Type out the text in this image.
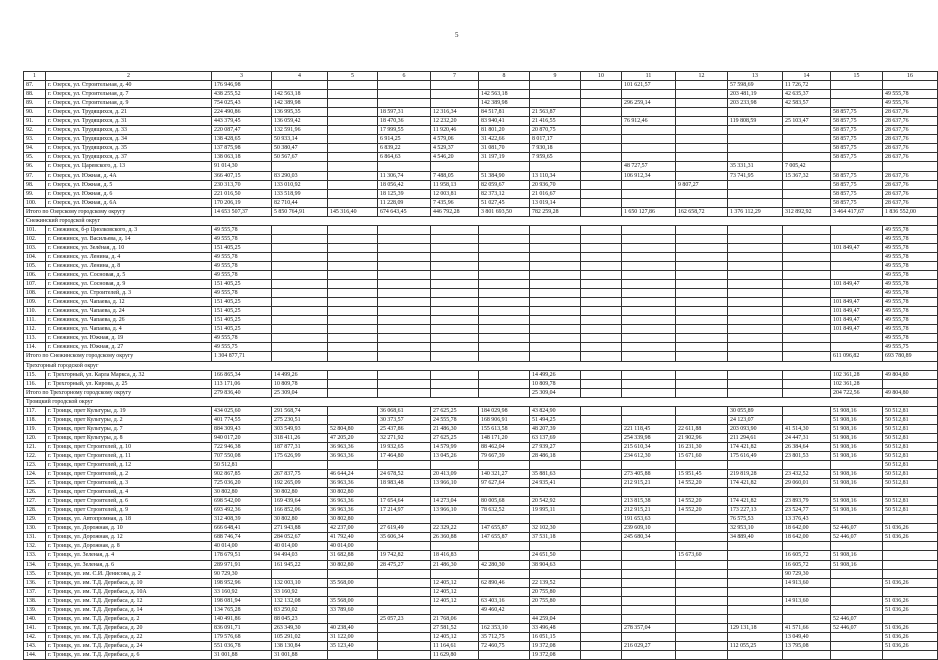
5
1	2	3	4	5	6	7	8	9	10	11	12	13	14	15	16
87.	г. Озерск, ул. Строительная, д. 40	176 946,98								101 621,57		57 598,69	11 726,72		
88.	г. Озерск, ул. Строительная, д. 7	438 255,52	142 563,18				142 563,18					203 481,19	42 635,37		49 555,78
89.	г. Озерск, ул. Строительная, д. 9	754 025,43	142 389,98				142 389,98			296 259,14		203 233,98	42 583,57		49 555,76
90.	г. Озерск, ул. Трудящихся, д. 21	224 490,86	136 995,35		18 597,31	12 316,34	84 517,81	21 563,87						58 857,75	28 637,76
91.	г. Озерск, ул. Трудящихся, д. 31	443 379,45	136 059,42		18 470,36	12 232,20	83 940,41	21 416,55		76 912,46		119 808,59	25 103,47	58 857,75	28 637,76
92.	г. Озерск, ул. Трудящихся, д. 33	220 087,47	132 591,96		17 999,55	11 920,46	81 801,20	20 870,75						58 857,75	28 637,76
93.	г. Озерск, ул. Трудящихся, д. 34	138 428,65	50 933,14		6 914,25	4 579,06	31 422,66	8 017,17						58 857,75	28 637,76
94.	г. Озерск, ул. Трудящихся, д. 35	137 875,98	50 380,47		6 839,22	4 529,37	31 081,70	7 930,18						58 857,75	28 637,76
95.	г. Озерск, ул. Трудящихся, д. 37	138 063,18	50 567,67		6 864,63	4 546,20	31 197,19	7 959,65						58 857,75	28 637,76
96.	г. Озерск, ул. Царевского, д. 13	91 014,30								48 727,57		35 331,31	7 005,42		
97.	г. Озерск, ул. Южная, д. 4А	366 407,15	83 290,03		11 306,74	7 488,05	51 384,90	13 110,34		106 912,34		73 741,95	15 367,32	58 857,75	28 637,76
98.	г. Озерск, ул. Южная, д. 5	230 313,70	133 010,92		18 056,42	11 958,13	82 059,67	20 936,70			9 807,27			58 857,75	28 637,76
99.	г. Озерск, ул. Южная, д. 6	221 016,50	133 518,99		18 125,39	12 003,81	82 373,12	21 016,67						58 857,75	28 637,76
100.	г. Озерск, ул. Южная, д. 6А	170 206,19	82 710,44		11 228,09	7 435,96	51 027,45	13 019,14						58 857,75	28 637,76
Итого по Озерскому городскому округу		14 653 507,37	5 850 764,91	145 316,40	674 643,45	446 792,28	3 801 693,50	782 259,28		1 650 127,86	162 658,72	1 376 112,29	312 892,92	3 464 417,67	1 836 552,00
Снежинский городской округ															
101.	г. Снежинск, б-р Циолковского, д. 3	49 555,78													49 555,78
102.	г. Снежинск, ул. Васильева, д. 14	49 555,78													49 555,78
103.	г. Снежинск, ул. Зелёная, д. 10	151 405,25												101 849,47	49 555,78
104.	г. Снежинск, ул. Ленина, д. 4	49 555,78													49 555,78
105.	г. Снежинск, ул. Ленина, д. 8	49 555,78													49 555,78
106.	г. Снежинск, ул. Сосновая, д. 5	49 555,78													49 555,78
107.	г. Снежинск, ул. Сосновая, д. 9	151 405,25												101 849,47	49 555,78
108.	г. Снежинск, ул. Строителей, д. 3	49 555,78													49 555,78
109.	г. Снежинск, ул. Чапаева, д. 12	151 405,25												101 849,47	49 555,78
110.	г. Снежинск, ул. Чапаева, д. 24	151 405,25												101 849,47	49 555,78
111.	г. Снежинск, ул. Чапаева, д. 26	151 405,25												101 849,47	49 555,78
112.	г. Снежинск, ул. Чапаева, д. 4	151 405,25												101 849,47	49 555,78
113.	г. Снежинск, ул. Южная, д. 19	49 555,78													49 555,78
114.	г. Снежинск, ул. Южная, д. 27	49 555,75													49 555,75
Итого по Снежинскому городскому округу		1 304 877,71												611 096,82	693 780,89
Трехгорный городской округ															
115.	г. Трехгорный, ул. Карла Маркса, д. 32	166 865,34	14 499,26					14 499,26						102 361,28	49 804,80
116.	г. Трехгорный, ул. Кирова, д. 25	113 171,06	10 809,78					10 809,78						102 361,28	
Итого по Трехгорному городскому округу		279 836,40	25 309,04					25 309,04						204 722,56	49 804,80
Троицкий городской округ															
117.	г. Троицк, прет Культуры, д. 19	434 025,60	291 568,74		36 068,61	27 625,25	184 029,98	43 824,90				30 055,89		51 908,16	50 512,81
118.	г. Троицк, прет Культуры, д. 2	401 774,55	275 230,51		30 373,57	24 555,78	168 906,91	51 494,25				24 123,07		51 908,16	50 512,81
119.	г. Троицк, прет Культуры, д. 7	884 309,43	303 549,93	52 804,80	25 437,86	21 486,30	155 613,58	48 207,39		221 118,45	22 611,88	203 093,90	41 514,30	51 908,16	50 512,81
120.	г. Троицк, прет Культуры, д. 8	940 017,20	318 411,26	47 205,20	32 271,92	27 625,25	148 171,20	63 137,69		254 339,98	21 902,96	211 294,61	24 447,31	51 908,16	50 512,81
121.	г. Троицк, прет Строителей, д. 10	722 946,38	187 877,31	36 963,36	19 932,65	14 579,99	88 462,04	27 939,27		215 610,34	16 231,30	174 421,82	26 384,64	51 908,16	50 512,81
122.	г. Троицк, прет Строителей, д. 11	707 550,08	175 626,99	36 963,36	17 464,80	13 045,26	79 667,39	28 486,18		234 612,30	15 671,60	175 616,49	23 801,53	51 908,16	50 512,81
123.	г. Троицк, прет Строителей, д. 12	50 512,81													50 512,81
124.	г. Троицк, прет Строителей, д. 2	902 867,85	267 837,75	46 644,24	24 678,52	20 413,09	140 321,27	35 881,63		273 405,88	15 951,45	219 819,28	23 432,52	51 908,16	50 512,81
125.	г. Троицк, прет Строителей, д. 3	725 036,20	192 265,09	36 963,36	18 983,48	13 966,10	97 627,64	24 935,41		212 915,21	14 552,20	174 421,82	29 060,01	51 908,16	50 512,81
126.	г. Троицк, прет Строителей, д. 4	30 802,80	30 802,80	30 802,80											
127.	г. Троицк, прет Строителей, д. 6	698 542,00	169 439,64	36 963,36	17 654,64	14 273,04	80 005,68	20 542,92		213 815,38	14 552,20	174 421,82	23 893,79	51 908,16	50 512,81
128.	г. Троицк, прет Строителей, д. 9	693 492,36	166 852,06	36 963,36	17 214,97	13 966,10	78 632,52	19 995,11		212 915,21	14 552,20	173 227,13	23 524,77	51 908,16	50 512,81
129.	г. Троицк, ул. Автопромная, д. 18	312 408,39	30 802,80	30 802,80						191 653,63		76 575,53	13 376,43		
130.	г. Троицк, ул. Дорожная, д. 10	666 648,41	271 943,88	42 237,00	27 619,49	22 329,22	147 655,87	32 102,30		239 609,10		32 953,10	18 642,00	52 446,07	51 036,26
131.	г. Троицк, ул. Дорожная, д. 12	688 746,74	284 052,67	41 792,40	35 606,34	26 360,88	147 655,87	37 531,18		245 680,34		34 889,40	18 642,00	52 446,07	51 036,26
132.	г. Троицк, ул. Дорожная, д. 8	40 014,00	40 014,00	40 014,00											
133.	г. Троицк, ул. Зеленая, д. 4	178 679,51	94 494,03	31 682,88	19 742,82	18 416,83		24 651,50			15 673,60		16 605,72	51 908,16	
134.	г. Троицк, ул. Зеленая, д. 6	289 971,91	161 945,22	30 802,80	28 475,27	21 486,30	42 280,30	38 904,63					16 605,72	51 908,16	
135.	г. Троицк, ул. им. С.И. Денисова, д. 2	90 729,30											90 729,30		
136.	г. Троицк, ул. им. Т.Д. Дерибаса, д. 10	198 952,96	132 003,10	35 568,00		12 405,12	62 890,46	22 139,52					14 913,60		51 036,26
137.	г. Троицк, ул. им. Т.Д. Дерибаса, д. 10А	33 160,92	33 160,92			12 405,12		20 755,80							
138.	г. Троицк, ул. им. Т.Д. Дерибаса, д. 12	198 081,94	132 132,08	35 568,00		12 405,12	63 403,16	20 755,80					14 913,60		51 036,26
139.	г. Троицк, ул. им. Т.Д. Дерибаса, д. 14	134 765,28	83 250,02	33 789,60			49 460,42								51 036,26
140.	г. Троицк, ул. им. Т.Д. Дерибаса, д. 2	140 491,86	88 045,23		25 057,23	21 768,06		44 259,04						52 446,07	
141.	г. Троицк, ул. им. Т.Д. Дерибаса, д. 20	836 091,71	263 349,30	40 238,40		27 581,52	162 353,10	33 496,48		278 357,04		129 131,18	41 571,66	52 446,07	51 036,26
142.	г. Троицк, ул. им. Т.Д. Дерибаса, д. 22	179 576,68	105 291,02	31 122,00		12 405,12	35 712,75	16 051,15					13 049,40		51 036,26
143.	г. Троицк, ул. им. Т.Д. Дерибаса, д. 24	551 036,78	138 130,84	35 123,40		11 164,61	72 460,75	19 372,08		216 029,27		112 055,25	13 795,08		51 036,26
144.	г. Троицк, ул. им. Т.Д. Дерибаса, д. 6	31 001,88	31 001,88			11 629,80		19 372,08							
